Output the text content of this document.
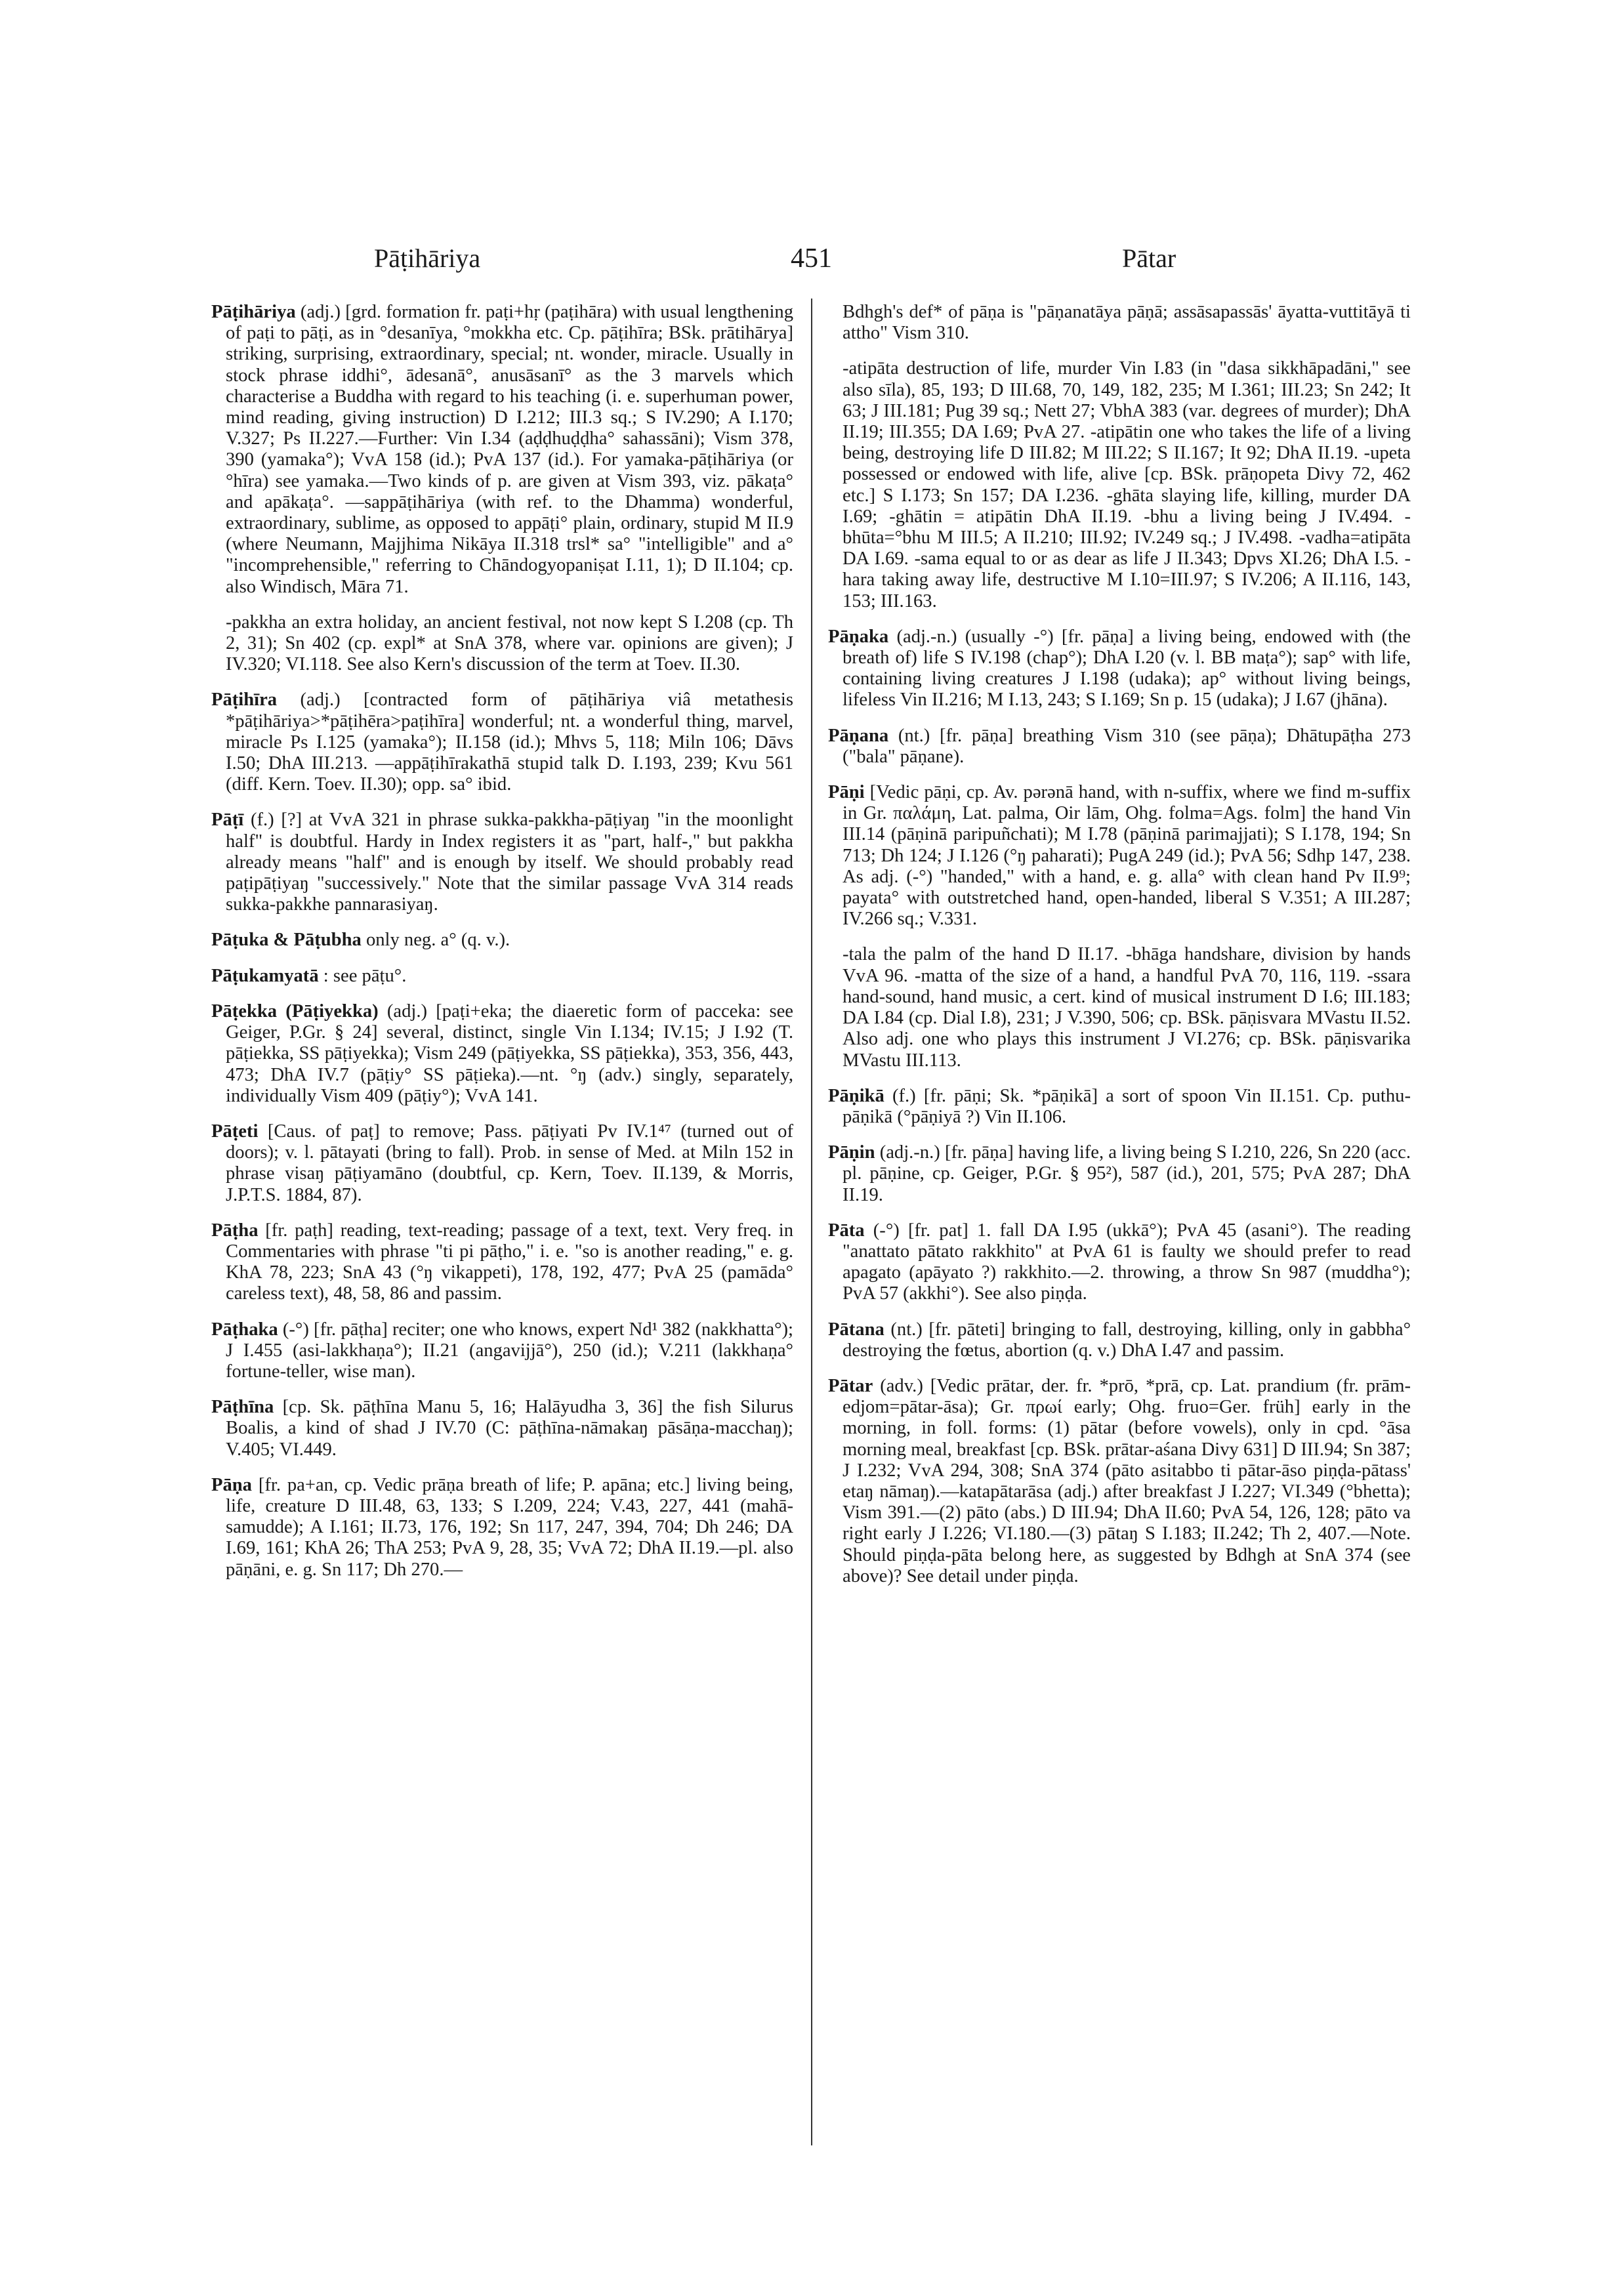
Pāṭihāriya	451	Pātar

Pāṭihāriya (adj.) [grd. formation fr. paṭi+hṛ (paṭihāra) with usual lengthening of paṭi to pāṭi, as in °desanīya, °mokkha etc. Cp. pāṭihīra; BSk. prātihārya] striking, surprising, extraordinary, special; nt. wonder, miracle. Usually in stock phrase iddhi°, ādesanā°, anusāsanī° as the 3 marvels which characterise a Buddha with regard to his teaching (i. e. superhuman power, mind reading, giving instruction) D I.212; III.3 sq.; S IV.290; A I.170; V.327; Ps II.227.—Further: Vin I.34 (aḍḍhuḍḍha° sahassāni); Vism 378, 390 (yamaka°); VvA 158 (id.); PvA 137 (id.). For yamaka-pāṭihāriya (or °hīra) see yamaka.—Two kinds of p. are given at Vism 393, viz. pākaṭa° and apākaṭa°. —sappāṭihāriya (with ref. to the Dhamma) wonderful, extraordinary, sublime, as opposed to appāṭi° plain, ordinary, stupid M II.9 (where Neumann, Majjhima Nikāya II.318 trsl* sa° "intelligible" and a° "incomprehensible," referring to Chāndogyopaniṣat I.11, 1); D II.104; cp. also Windisch, Māra 71.

-pakkha an extra holiday, an ancient festival, not now kept S I.208 (cp. Th 2, 31); Sn 402 (cp. expl* at SnA 378, where var. opinions are given); J IV.320; VI.118. See also Kern's discussion of the term at Toev. II.30.

Pāṭihīra (adj.) [contracted form of pāṭihāriya viâ metathesis *pāṭihāriya>*pāṭihēra>paṭihīra] wonderful; nt. a wonderful thing, marvel, miracle Ps I.125 (yamaka°); II.158 (id.); Mhvs 5, 118; Miln 106; Dāvs I.50; DhA III.213. —appāṭihīrakathā stupid talk D. I.193, 239; Kvu 561 (diff. Kern. Toev. II.30); opp. sa° ibid.

Pāṭī (f.) [?] at VvA 321 in phrase sukka-pakkha-pāṭiyaŋ "in the moonlight half" is doubtful. Hardy in Index registers it as "part, half-," but pakkha already means "half" and is enough by itself. We should probably read paṭipāṭiyaŋ "successively." Note that the similar passage VvA 314 reads sukka-pakkhe pannarasiyaŋ.

Pāṭuka & Pāṭubha only neg. a° (q. v.).

Pāṭukamyatā : see pāṭu°.

Pāṭekka (Pāṭiyekka) (adj.) [paṭi+eka; the diaeretic form of pacceka: see Geiger, P.Gr. § 24] several, distinct, single Vin I.134; IV.15; J I.92 (T. pāṭiekka, SS pāṭiyekka); Vism 249 (pāṭiyekka, SS pāṭiekka), 353, 356, 443, 473; DhA IV.7 (pāṭiy° SS pāṭieka).—nt. °ŋ (adv.) singly, separately, individually Vism 409 (pāṭiy°); VvA 141.

Pāṭeti [Caus. of paṭ] to remove; Pass. pāṭiyati Pv IV.1⁴⁷ (turned out of doors); v. l. pātayati (bring to fall). Prob. in sense of Med. at Miln 152 in phrase visaŋ pāṭiyamāno (doubtful, cp. Kern, Toev. II.139, & Morris, J.P.T.S. 1884, 87).

Pāṭha [fr. paṭh] reading, text-reading; passage of a text, text. Very freq. in Commentaries with phrase "ti pi pāṭho," i. e. "so is another reading," e. g. KhA 78, 223; SnA 43 (°ŋ vikappeti), 178, 192, 477; PvA 25 (pamāda° careless text), 48, 58, 86 and passim.

Pāṭhaka (-°) [fr. pāṭha] reciter; one who knows, expert Nd¹ 382 (nakkhatta°); J I.455 (asi-lakkhaṇa°); II.21 (angavijjā°), 250 (id.); V.211 (lakkhaṇa° fortune-teller, wise man).

Pāṭhīna [cp. Sk. pāṭhīna Manu 5, 16; Halāyudha 3, 36] the fish Silurus Boalis, a kind of shad J IV.70 (C: pāṭhīna-nāmakaŋ pāsāṇa-macchaŋ); V.405; VI.449.

Pāṇa [fr. pa+an, cp. Vedic prāṇa breath of life; P. apāna; etc.] living being, life, creature D III.48, 63, 133; S I.209, 224; V.43, 227, 441 (mahā-samudde); A I.161; II.73, 176, 192; Sn 117, 247, 394, 704; Dh 246; DA I.69, 161; KhA 26; ThA 253; PvA 9, 28, 35; VvA 72; DhA II.19.—pl. also pāṇāni, e. g. Sn 117; Dh 270.—

Bdhgh's def* of pāṇa is "pāṇanatāya pāṇā; assāsapassās' āyatta-vuttitāyā ti attho" Vism 310.

-atipāta destruction of life, murder Vin I.83 (in "dasa sikkhāpadāni," see also sīla), 85, 193; D III.68, 70, 149, 182, 235; M I.361; III.23; Sn 242; It 63; J III.181; Pug 39 sq.; Nett 27; VbhA 383 (var. degrees of murder); DhA II.19; III.355; DA I.69; PvA 27. -atipātin one who takes the life of a living being, destroying life D III.82; M III.22; S II.167; It 92; DhA II.19. -upeta possessed or endowed with life, alive [cp. BSk. prāṇopeta Divy 72, 462 etc.] S I.173; Sn 157; DA I.236. -ghāta slaying life, killing, murder DA I.69; -ghātin = atipātin DhA II.19. -bhu a living being J IV.494. -bhūta=°bhu M III.5; A II.210; III.92; IV.249 sq.; J IV.498. -vadha=atipāta DA I.69. -sama equal to or as dear as life J II.343; Dpvs XI.26; DhA I.5. -hara taking away life, destructive M I.10=III.97; S IV.206; A II.116, 143, 153; III.163.

Pāṇaka (adj.-n.) (usually -°) [fr. pāṇa] a living being, endowed with (the breath of) life S IV.198 (chap°); DhA I.20 (v. l. BB maṭa°); sap° with life, containing living creatures J I.198 (udaka); ap° without living beings, lifeless Vin II.216; M I.13, 243; S I.169; Sn p. 15 (udaka); J I.67 (jhāna).

Pāṇana (nt.) [fr. pāṇa] breathing Vism 310 (see pāṇa); Dhātupāṭha 273 ("bala" pāṇane).

Pāṇi [Vedic pāṇi, cp. Av. pərənā hand, with n-suffix, where we find m-suffix in Gr. παλάμη, Lat. palma, Oir lām, Ohg. folma=Ags. folm] the hand Vin III.14 (pāṇinā paripuñchati); M I.78 (pāṇinā parimajjati); S I.178, 194; Sn 713; Dh 124; J I.126 (°ŋ paharati); PugA 249 (id.); PvA 56; Sdhp 147, 238. As adj. (-°) "handed," with a hand, e. g. alla° with clean hand Pv II.9⁹; payata° with outstretched hand, open-handed, liberal S V.351; A III.287; IV.266 sq.; V.331.

-tala the palm of the hand D II.17. -bhāga handshare, division by hands VvA 96. -matta of the size of a hand, a handful PvA 70, 116, 119. -ssara hand-sound, hand music, a cert. kind of musical instrument D I.6; III.183; DA I.84 (cp. Dial I.8), 231; J V.390, 506; cp. BSk. pāṇisvara MVastu II.52. Also adj. one who plays this instrument J VI.276; cp. BSk. pāṇisvarika MVastu III.113.

Pāṇikā (f.) [fr. pāṇi; Sk. *pāṇikā] a sort of spoon Vin II.151. Cp. puthu-pāṇikā (°pāṇiyā ?) Vin II.106.

Pāṇin (adj.-n.) [fr. pāṇa] having life, a living being S I.210, 226, Sn 220 (acc. pl. pāṇine, cp. Geiger, P.Gr. § 95²), 587 (id.), 201, 575; PvA 287; DhA II.19.

Pāta (-°) [fr. pat] 1. fall DA I.95 (ukkā°); PvA 45 (asani°). The reading "anattato pātato rakkhito" at PvA 61 is faulty we should prefer to read apagato (apāyato ?) rakkhito.—2. throwing, a throw Sn 987 (muddha°); PvA 57 (akkhi°). See also piṇḍa.

Pātana (nt.) [fr. pāteti] bringing to fall, destroying, killing, only in gabbha° destroying the fœtus, abortion (q. v.) DhA I.47 and passim.

Pātar (adv.) [Vedic prātar, der. fr. *prō, *prā, cp. Lat. prandium (fr. prām-edjom=pātar-āsa); Gr. πρωί early; Ohg. fruo=Ger. früh] early in the morning, in foll. forms: (1) pātar (before vowels), only in cpd. °āsa morning meal, breakfast [cp. BSk. prātar-aśana Divy 631] D III.94; Sn 387; J I.232; VvA 294, 308; SnA 374 (pāto asitabbo ti pātar-āso piṇḍa-pātass' etaŋ nāmaŋ).—katapātarāsa (adj.) after breakfast J I.227; VI.349 (°bhetta); Vism 391.—(2) pāto (abs.) D III.94; DhA II.60; PvA 54, 126, 128; pāto va right early J I.226; VI.180.—(3) pātaŋ S I.183; II.242; Th 2, 407.—Note. Should piṇḍa-pāta belong here, as suggested by Bdhgh at SnA 374 (see above)? See detail under piṇḍa.
